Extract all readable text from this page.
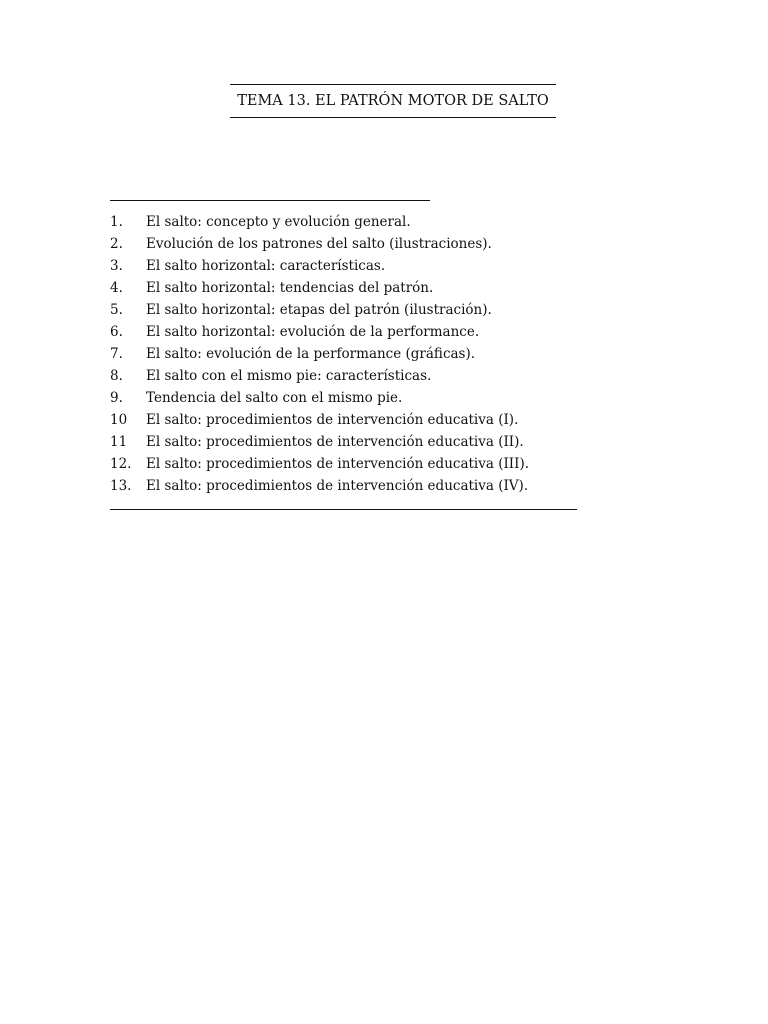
TEMA 13. EL PATRÓN MOTOR DE SALTO
1.	El salto: concepto y evolución general.
2.	Evolución de los patrones del salto (ilustraciones).
3.	El salto horizontal: características.
4.	El salto horizontal: tendencias del patrón.
5.	El salto horizontal: etapas del patrón (ilustración).
6.	El salto horizontal: evolución de la performance.
7.	El salto: evolución de la performance (gráficas).
8.	El salto con el mismo pie: características.
9.	Tendencia del salto con el mismo pie.
10	El salto: procedimientos de intervención educativa (I).
11	El salto: procedimientos de intervención educativa (II).
12.	El salto: procedimientos de intervención educativa (III).
13.	El salto: procedimientos de intervención educativa (IV).
